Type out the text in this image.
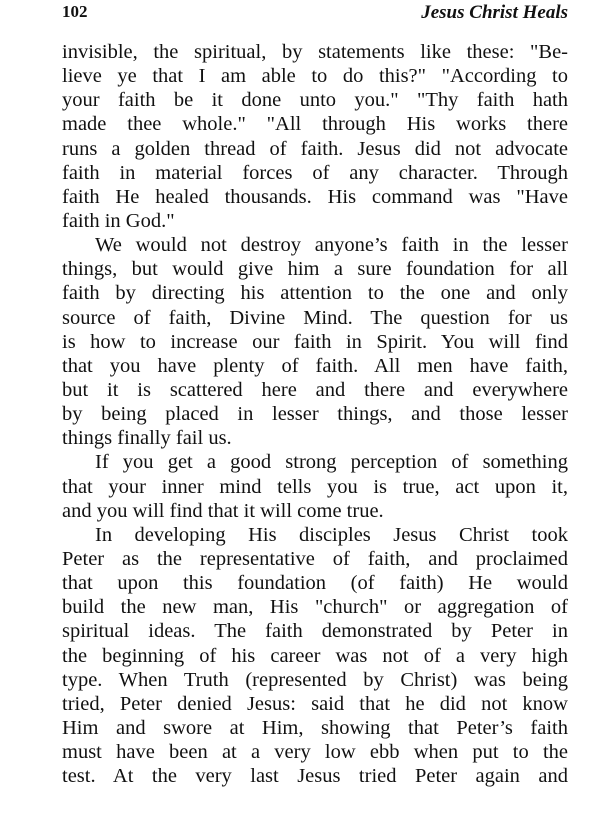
102	Jesus Christ Heals
invisible, the spiritual, by statements like these: "Be-
lieve ye that I am able to do this?" "According to
your faith be it done unto you." "Thy faith hath
made thee whole." "All through His works there
runs a golden thread of faith. Jesus did not advocate
faith in material forces of any character. Through
faith He healed thousands. His command was "Have
faith in God."
We would not destroy anyone’s faith in the lesser
things, but would give him a sure foundation for all
faith by directing his attention to the one and only
source of faith, Divine Mind. The question for us
is how to increase our faith in Spirit. You will find
that you have plenty of faith. All men have faith,
but it is scattered here and there and everywhere
by being placed in lesser things, and those lesser
things finally fail us.
If you get a good strong perception of something
that your inner mind tells you is true, act upon it,
and you will find that it will come true.
In developing His disciples Jesus Christ took
Peter as the representative of faith, and proclaimed
that upon this foundation (of faith) He would
build the new man, His "church" or aggregation of
spiritual ideas. The faith demonstrated by Peter in
the beginning of his career was not of a very high
type. When Truth (represented by Christ) was being
tried, Peter denied Jesus: said that he did not know
Him and swore at Him, showing that Peter’s faith
must have been at a very low ebb when put to the
test. At the very last Jesus tried Peter again and
